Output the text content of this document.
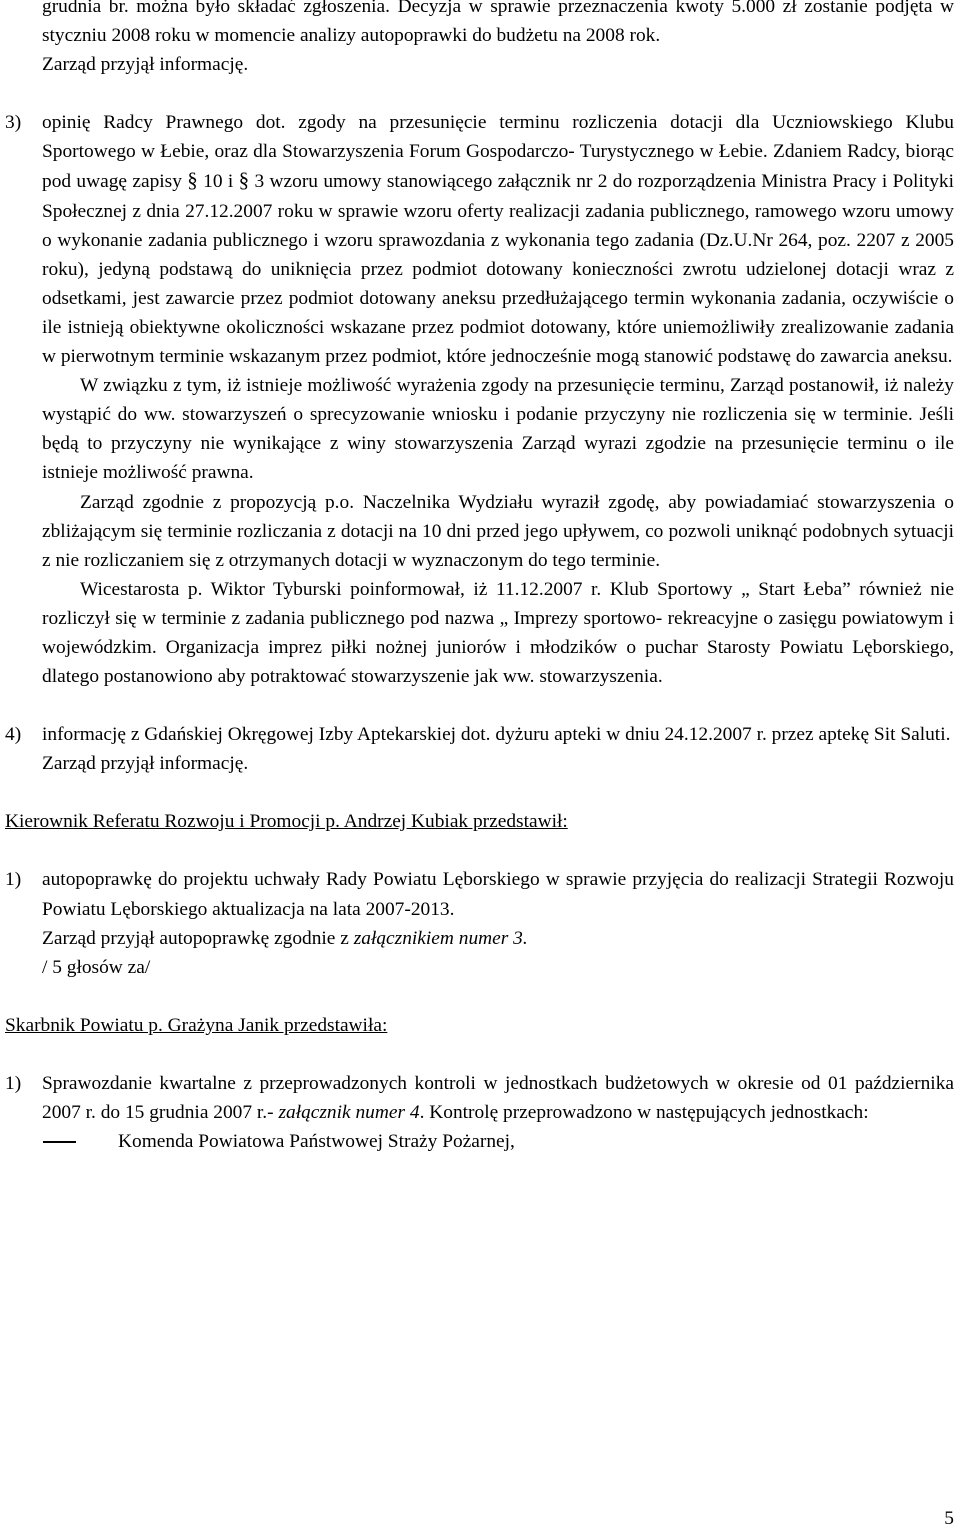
grudnia br. można było składać zgłoszenia. Decyzja w sprawie przeznaczenia kwoty 5.000 zł zostanie podjęta w styczniu 2008 roku w momencie analizy autopoprawki do budżetu na 2008 rok.
Zarząd przyjął informację.
3) opinię Radcy Prawnego dot. zgody na przesunięcie terminu rozliczenia dotacji dla Uczniowskiego Klubu Sportowego w Łebie, oraz dla Stowarzyszenia Forum Gospodarczo- Turystycznego w Łebie. Zdaniem Radcy, biorąc pod uwagę zapisy § 10 i § 3 wzoru umowy stanowiącego załącznik nr 2 do rozporządzenia Ministra Pracy i Polityki Społecznej z dnia 27.12.2007 roku w sprawie wzoru oferty realizacji zadania publicznego, ramowego wzoru umowy o wykonanie zadania publicznego i wzoru sprawozdania z wykonania tego zadania (Dz.U.Nr 264, poz. 2207 z 2005 roku), jedyną podstawą do uniknięcia przez podmiot dotowany konieczności zwrotu udzielonej dotacji wraz z odsetkami, jest zawarcie przez podmiot dotowany aneksu przedłużającego termin wykonania zadania, oczywiście o ile istnieją obiektywne okoliczności wskazane przez podmiot dotowany, które uniemożliwiły zrealizowanie zadania w pierwotnym terminie wskazanym przez podmiot, które jednocześnie mogą stanowić podstawę do zawarcia aneksu.
W związku z tym, iż istnieje możliwość wyrażenia zgody na przesunięcie terminu, Zarząd postanowił, iż należy wystąpić do ww. stowarzyszeń o sprecyzowanie wniosku i podanie przyczyny nie rozliczenia się w terminie. Jeśli będą to przyczyny nie wynikające z winy stowarzyszenia Zarząd wyrazi zgodzie na przesunięcie terminu o ile istnieje możliwość prawna.
Zarząd zgodnie z propozycją p.o. Naczelnika Wydziału wyraził zgodę, aby powiadamiać stowarzyszenia o zbliżającym się terminie rozliczania z dotacji na 10 dni przed jego upływem, co pozwoli uniknąć podobnych sytuacji z nie rozliczaniem się z otrzymanych dotacji w wyznaczonym do tego terminie.
Wicestarosta p. Wiktor Tyburski poinformował, iż 11.12.2007 r. Klub Sportowy „ Start Łeba” również nie rozliczył się w terminie z zadania publicznego pod nazwa „ Imprezy sportowo- rekreacyjne o zasięgu powiatowym i wojewódzkim. Organizacja imprez piłki nożnej juniorów i młodzików o puchar Starosty Powiatu Lęborskiego, dlatego postanowiono aby potraktować stowarzyszenie jak ww. stowarzyszenia.
4) informację z Gdańskiej Okręgowej Izby Aptekarskiej dot. dyżuru apteki w dniu 24.12.2007 r. przez aptekę Sit Saluti.
Zarząd przyjął informację.
Kierownik Referatu Rozwoju i Promocji p. Andrzej Kubiak przedstawił:
1) autopoprawkę do projektu uchwały Rady Powiatu Lęborskiego w sprawie przyjęcia do realizacji Strategii Rozwoju Powiatu Lęborskiego aktualizacja na lata 2007-2013.
Zarząd przyjął autopoprawkę zgodnie z załącznikiem numer 3.
/ 5 głosów za/
Skarbnik Powiatu p. Grażyna Janik przedstawiła:
1) Sprawozdanie kwartalne z przeprowadzonych kontroli w jednostkach budżetowych w okresie od 01 października 2007 r. do 15 grudnia 2007 r.- załącznik numer 4. Kontrolę przeprowadzono w następujących jednostkach:
Komenda Powiatowa Państwowej Straży Pożarnej,
5
